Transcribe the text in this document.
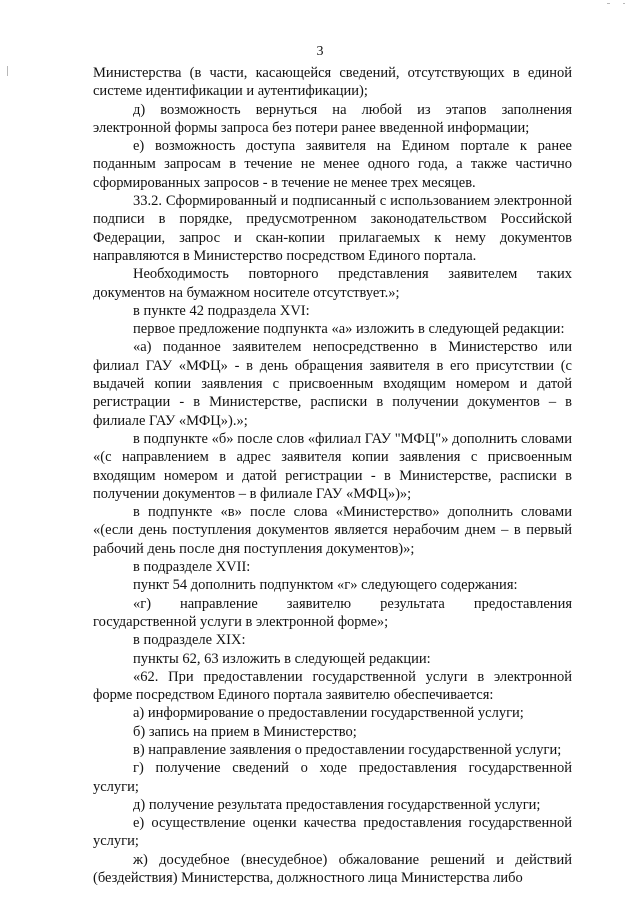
3

Министерства (в части, касающейся сведений, отсутствующих в единой системе идентификации и аутентификации);

д) возможность вернуться на любой из этапов заполнения электронной формы запроса без потери ранее введенной информации;

е) возможность доступа заявителя на Едином портале к ранее поданным запросам в течение не менее одного года, а также частично сформированных запросов - в течение не менее трех месяцев.

33.2. Сформированный и подписанный с использованием электронной подписи в порядке, предусмотренном законодательством Российской Федерации, запрос и скан-копии прилагаемых к нему документов направляются в Министерство посредством Единого портала.

Необходимость повторного представления заявителем таких документов на бумажном носителе отсутствует.»;

в пункте 42 подраздела XVI:

первое предложение подпункта «а» изложить в следующей редакции:

«а) поданное заявителем непосредственно в Министерство или филиал ГАУ «МФЦ» - в день обращения заявителя в его присутствии (с выдачей копии заявления с присвоенным входящим номером и датой регистрации - в Министерстве, расписки в получении документов – в филиале ГАУ «МФЦ»).»;

в подпункте «б» после слов «филиал ГАУ "МФЦ"» дополнить словами «(с направлением в адрес заявителя копии заявления с присвоенным входящим номером и датой регистрации - в Министерстве, расписки в получении документов – в филиале ГАУ «МФЦ»)»;

в подпункте «в» после слова «Министерство» дополнить словами «(если день поступления документов является нерабочим днем – в первый рабочий день после дня поступления документов)»;

в подразделе XVII:

пункт 54 дополнить подпунктом «г» следующего содержания:

«г) направление заявителю результата предоставления государственной услуги в электронной форме»;

в подразделе XIX:

пункты 62, 63 изложить в следующей редакции:

«62. При предоставлении государственной услуги в электронной форме посредством Единого портала заявителю обеспечивается:

а) информирование о предоставлении государственной услуги;

б) запись на прием в Министерство;

в) направление заявления о предоставлении государственной услуги;

г) получение сведений о ходе предоставления государственной услуги;

д) получение результата предоставления государственной услуги;

е) осуществление оценки качества предоставления государственной услуги;

ж) досудебное (внесудебное) обжалование решений и действий (бездействия) Министерства, должностного лица Министерства либо
